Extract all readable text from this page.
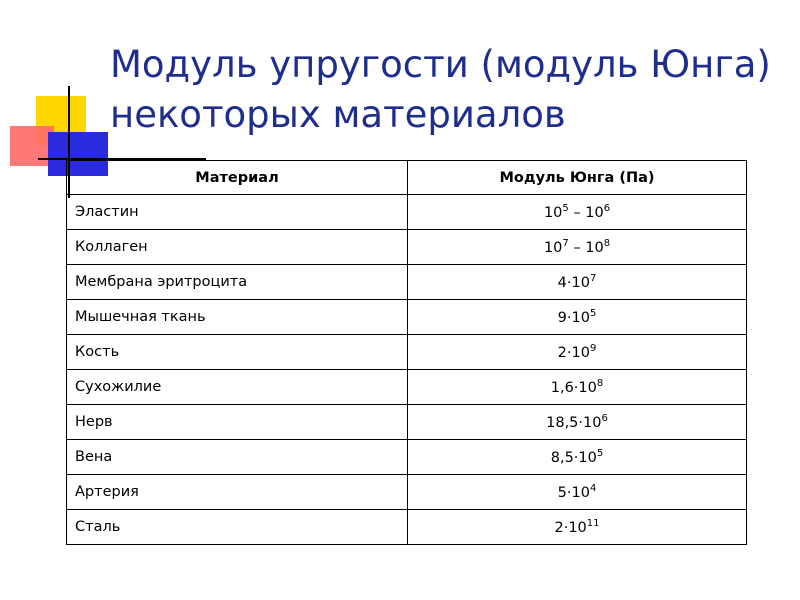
Модуль упругости (модуль Юнга) некоторых материалов
Материал	Модуль Юнга (Па)
Эластин	$10^5 - 10^6$
Коллаген	$10^7 - 10^8$
Мембрана эритроцита	$4\cdot 10^7$
Мышечная ткань	$9\cdot 10^5$
Кость	$2\cdot 10^9$
Сухожилие	$1,6\cdot 10^8$
Нерв	$18,5\cdot 10^6$
Вена	$8,5\cdot 10^5$
Артерия	$5\cdot 10^4$
Сталь	$2\cdot 10^{11}$
